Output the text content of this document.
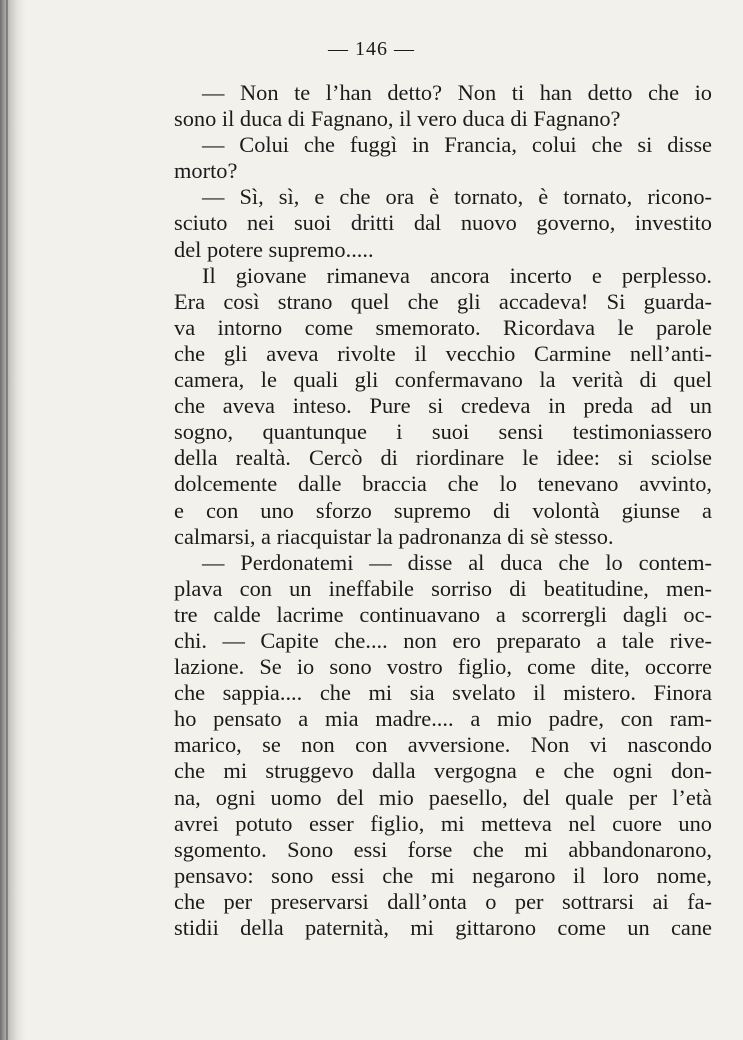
— 146 —
— Non te l’han detto? Non ti han detto che io
sono il duca di Fagnano, il vero duca di Fagnano?
— Colui che fuggì in Francia, colui che si disse
morto?
— Sì, sì, e che ora è tornato, è tornato, ricono-
sciuto nei suoi dritti dal nuovo governo, investito
del potere supremo.....
Il giovane rimaneva ancora incerto e perplesso.
Era così strano quel che gli accadeva! Si guarda-
va intorno come smemorato. Ricordava le parole
che gli aveva rivolte il vecchio Carmine nell’anti-
camera, le quali gli confermavano la verità di quel
che aveva inteso. Pure si credeva in preda ad un
sogno, quantunque i suoi sensi testimoniassero
della realtà. Cercò di riordinare le idee: si sciolse
dolcemente dalle braccia che lo tenevano avvinto,
e con uno sforzo supremo di volontà giunse a
calmarsi, a riacquistar la padronanza di sè stesso.
— Perdonatemi — disse al duca che lo contem-
plava con un ineffabile sorriso di beatitudine, men-
tre calde lacrime continuavano a scorrergli dagli oc-
chi. — Capite che.... non ero preparato a tale rive-
lazione. Se io sono vostro figlio, come dite, occorre
che sappia.... che mi sia svelato il mistero. Finora
ho pensato a mia madre.... a mio padre, con ram-
marico, se non con avversione. Non vi nascondo
che mi struggevo dalla vergogna e che ogni don-
na, ogni uomo del mio paesello, del quale per l’età
avrei potuto esser figlio, mi metteva nel cuore uno
sgomento. Sono essi forse che mi abbandonarono,
pensavo: sono essi che mi negarono il loro nome,
che per preservarsi dall’onta o per sottrarsi ai fa-
stidii della paternità, mi gittarono come un cane
